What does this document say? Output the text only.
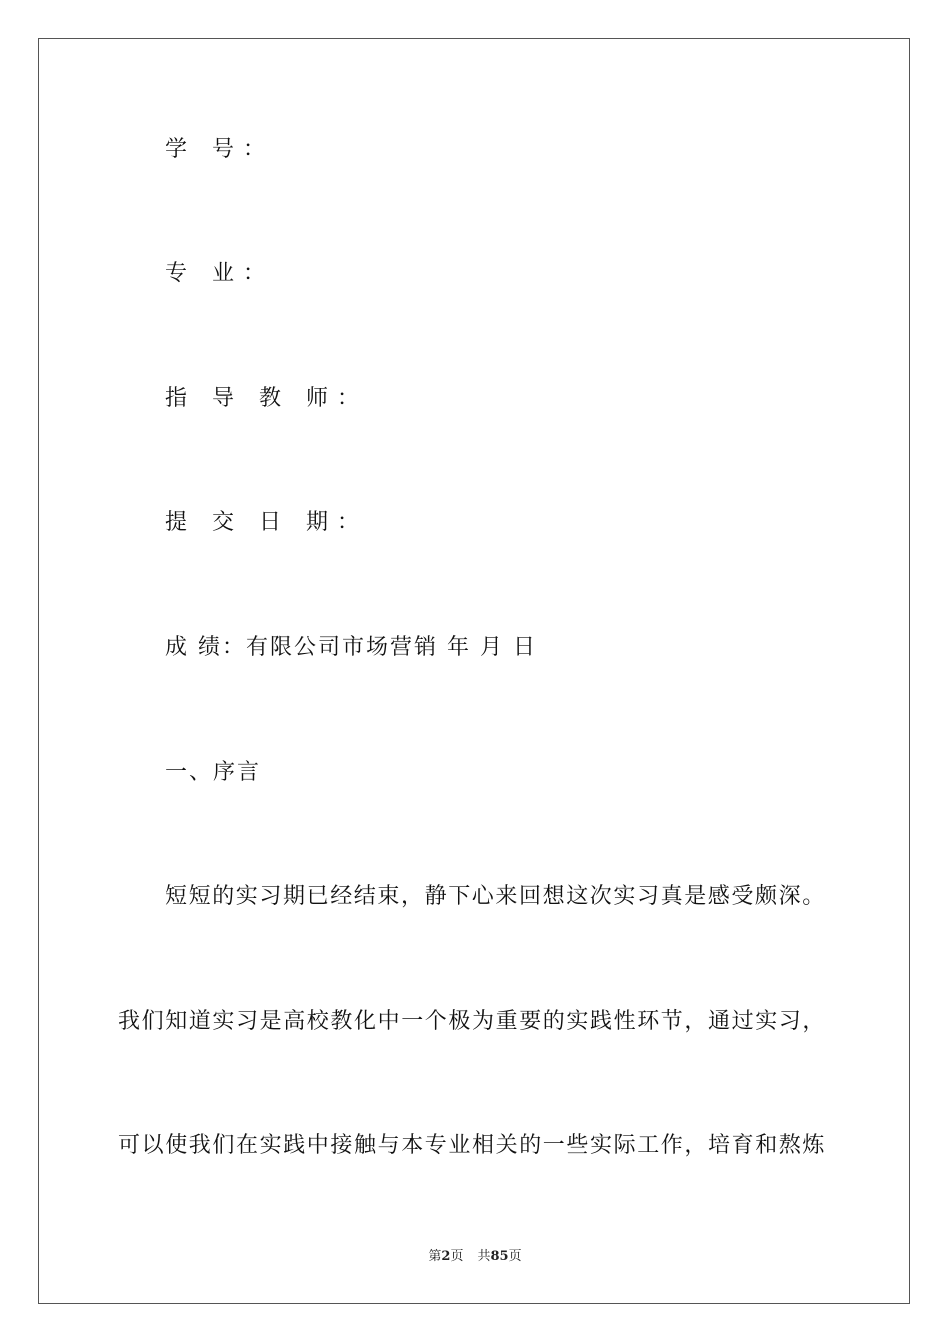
学 号：
专 业：
指 导 教 师：
提 交 日 期：
成 绩：有限公司市场营销 年 月 日
一、序言
短短的实习期已经结束，静下心来回想这次实习真是感受颇深。
我们知道实习是高校教化中一个极为重要的实践性环节，通过实习，
可以使我们在实践中接触与本专业相关的一些实际工作，培育和熬炼
第2页 共85页
